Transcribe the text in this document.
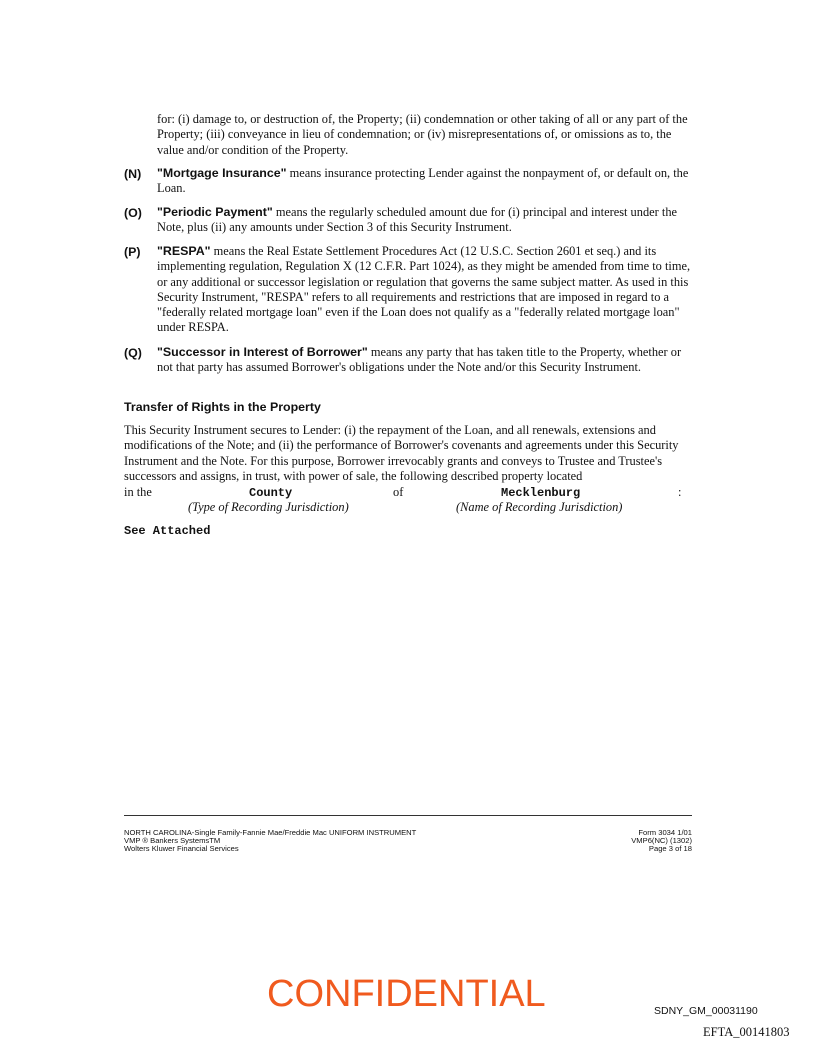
for: (i) damage to, or destruction of, the Property; (ii) condemnation or other taking of all or any part of the Property; (iii) conveyance in lieu of condemnation; or (iv) misrepresentations of, or omissions as to, the value and/or condition of the Property.
(N) "Mortgage Insurance" means insurance protecting Lender against the nonpayment of, or default on, the Loan.
(O) "Periodic Payment" means the regularly scheduled amount due for (i) principal and interest under the Note, plus (ii) any amounts under Section 3 of this Security Instrument.
(P) "RESPA" means the Real Estate Settlement Procedures Act (12 U.S.C. Section 2601 et seq.) and its implementing regulation, Regulation X (12 C.F.R. Part 1024), as they might be amended from time to time, or any additional or successor legislation or regulation that governs the same subject matter. As used in this Security Instrument, "RESPA" refers to all requirements and restrictions that are imposed in regard to a "federally related mortgage loan" even if the Loan does not qualify as a "federally related mortgage loan" under RESPA.
(Q) "Successor in Interest of Borrower" means any party that has taken title to the Property, whether or not that party has assumed Borrower's obligations under the Note and/or this Security Instrument.
Transfer of Rights in the Property
This Security Instrument secures to Lender: (i) the repayment of the Loan, and all renewals, extensions and modifications of the Note; and (ii) the performance of Borrower's covenants and agreements under this Security Instrument and the Note. For this purpose, Borrower irrevocably grants and conveys to Trustee and Trustee's successors and assigns, in trust, with power of sale, the following described property located
in the	County	of	Mecklenburg	:
(Type of Recording Jurisdiction)	(Name of Recording Jurisdiction)
See Attached
NORTH CAROLINA-Single Family-Fannie Mae/Freddie Mac UNIFORM INSTRUMENT
VMP ® Bankers SystemsTM
Wolters Kluwer Financial Services
Form 3034 1/01
VMP6(NC) (1302)
Page 3 of 18
CONFIDENTIAL	SDNY_GM_00031190
EFTA_00141803
